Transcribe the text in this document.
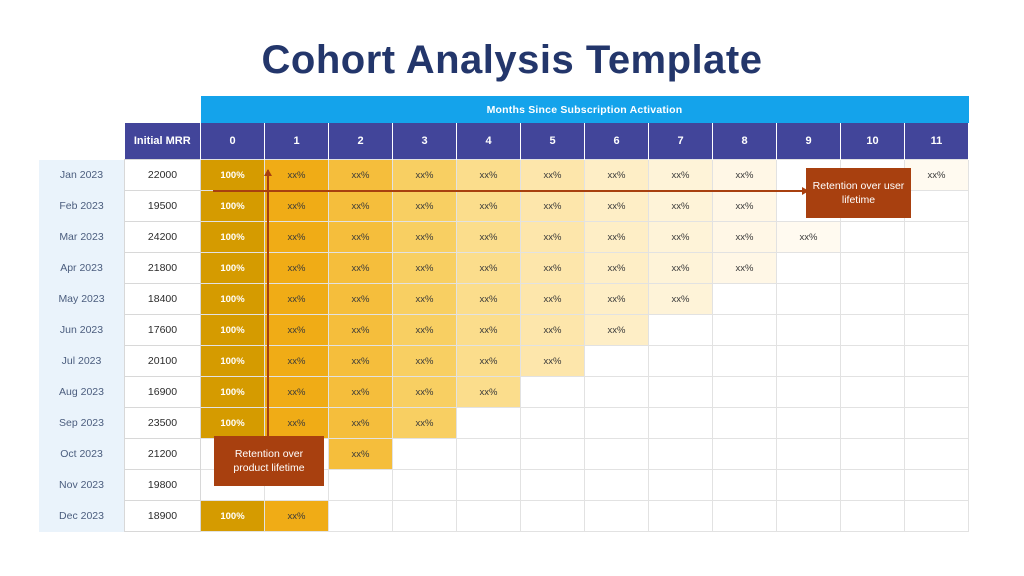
Cohort Analysis Template
		Months Since Subscription Activation											
	Initial MRR	0	1	2	3	4	5	6	7	8	9	10	11
Jan 2023	22000	100%	xx%	xx%	xx%	xx%	xx%	xx%	xx%	xx%			xx%
Feb 2023	19500	100%	xx%	xx%	xx%	xx%	xx%	xx%	xx%	xx%			
Mar 2023	24200	100%	xx%	xx%	xx%	xx%	xx%	xx%	xx%	xx%	xx%		
Apr 2023	21800	100%	xx%	xx%	xx%	xx%	xx%	xx%	xx%	xx%			
May 2023	18400	100%	xx%	xx%	xx%	xx%	xx%	xx%	xx%				
Jun 2023	17600	100%	xx%	xx%	xx%	xx%	xx%	xx%					
Jul 2023	20100	100%	xx%	xx%	xx%	xx%	xx%						
Aug 2023	16900	100%	xx%	xx%	xx%	xx%							
Sep 2023	23500	100%	xx%	xx%	xx%								
Oct 2023	21200			xx%									
Nov 2023	19800												
Dec 2023	18900	100%	xx%										
Retention over user lifetime
Retention over product lifetime
